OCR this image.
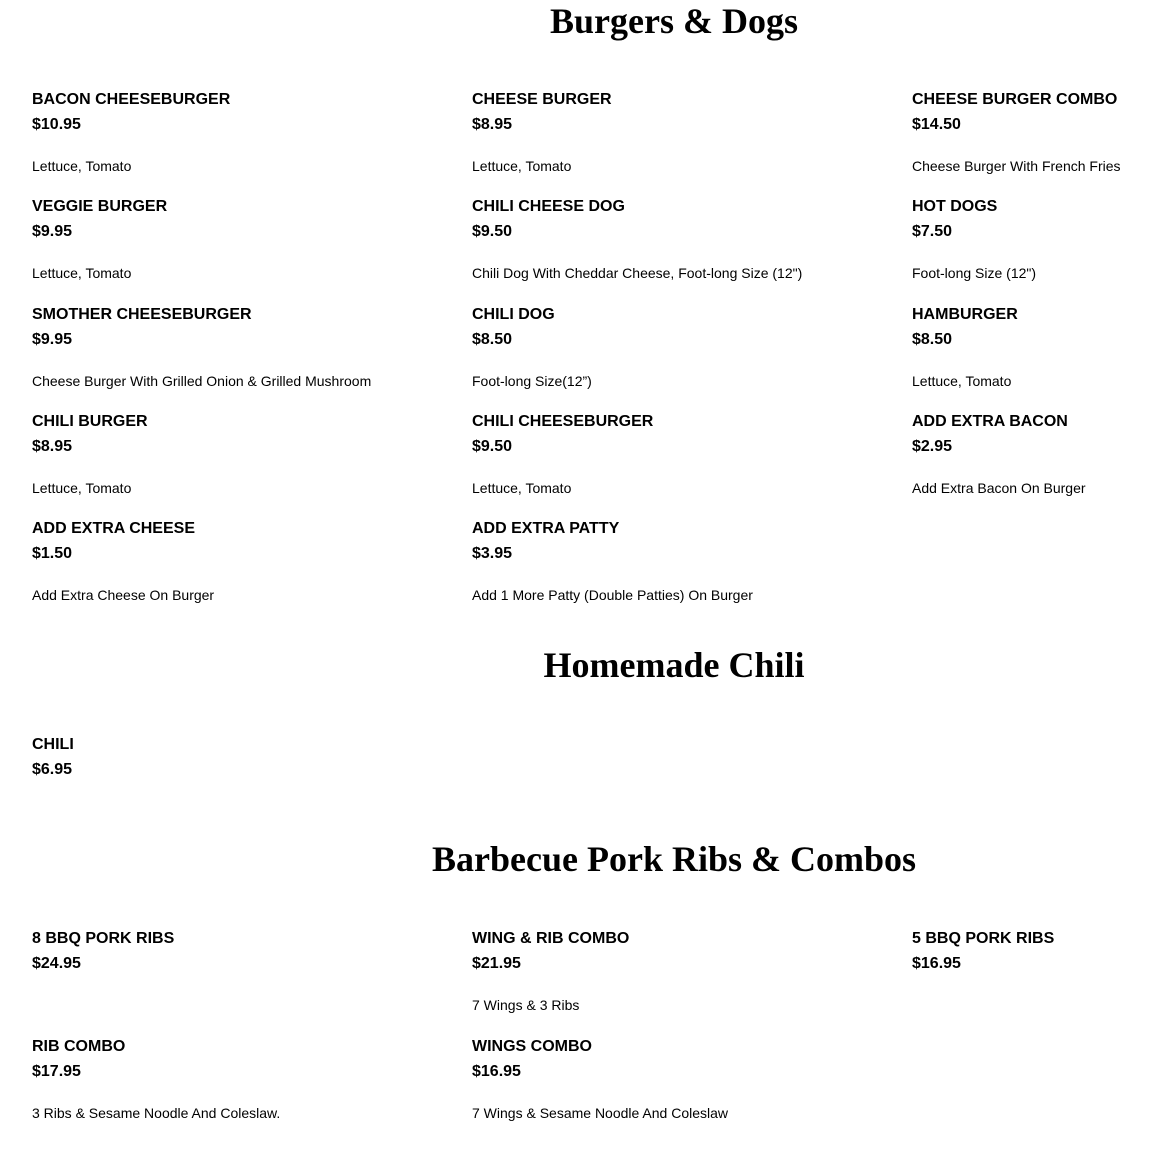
Burgers & Dogs
BACON CHEESEBURGER
$10.95
Lettuce, Tomato
CHEESE BURGER
$8.95
Lettuce, Tomato
CHEESE BURGER COMBO
$14.50
Cheese Burger With French Fries
VEGGIE BURGER
$9.95
Lettuce, Tomato
CHILI CHEESE DOG
$9.50
Chili Dog With Cheddar Cheese, Foot-long Size (12")
HOT DOGS
$7.50
Foot-long Size (12")
SMOTHER CHEESEBURGER
$9.95
Cheese Burger With Grilled Onion & Grilled Mushroom
CHILI DOG
$8.50
Foot-long Size(12”)
HAMBURGER
$8.50
Lettuce, Tomato
CHILI BURGER
$8.95
Lettuce, Tomato
CHILI CHEESEBURGER
$9.50
Lettuce, Tomato
ADD EXTRA BACON
$2.95
Add Extra Bacon On Burger
ADD EXTRA CHEESE
$1.50
Add Extra Cheese On Burger
ADD EXTRA PATTY
$3.95
Add 1 More Patty (Double Patties) On Burger
Homemade Chili
CHILI
$6.95
Barbecue Pork Ribs & Combos
8 BBQ PORK RIBS
$24.95
WING & RIB COMBO
$21.95
7 Wings & 3 Ribs
5 BBQ PORK RIBS
$16.95
RIB COMBO
$17.95
3 Ribs & Sesame Noodle And Coleslaw.
WINGS COMBO
$16.95
7 Wings & Sesame Noodle And Coleslaw
